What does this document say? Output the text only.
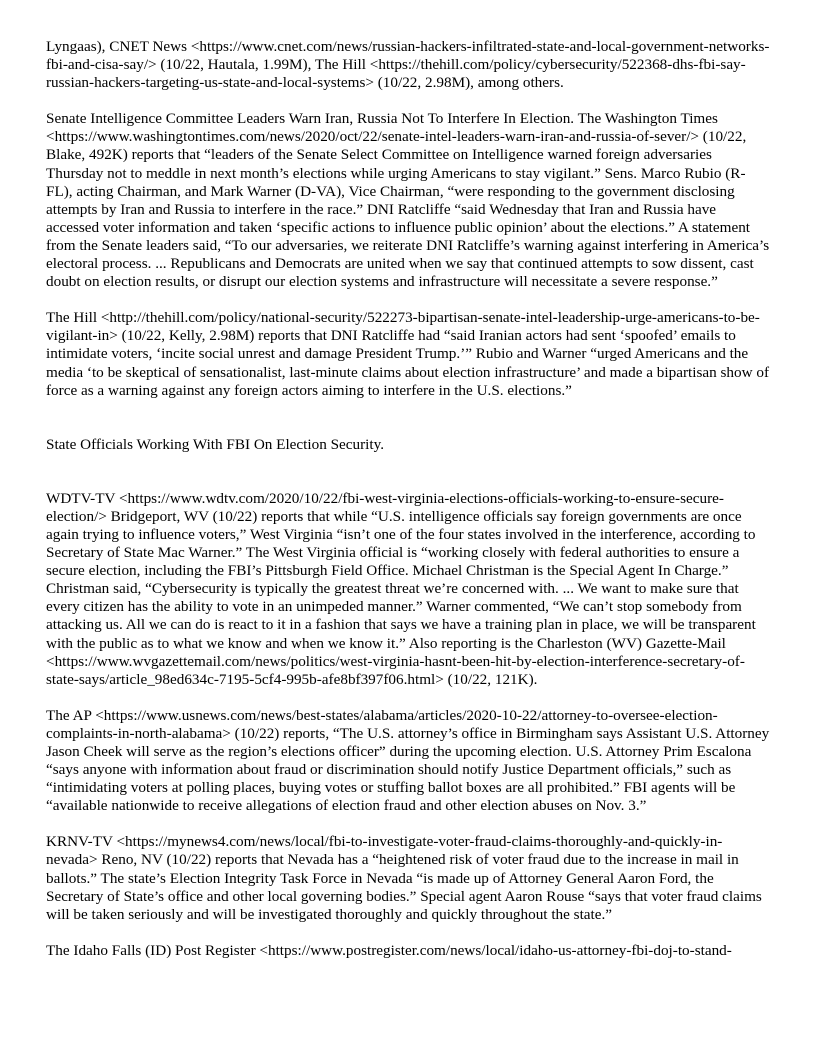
Lyngaas), CNET News <https://www.cnet.com/news/russian-hackers-infiltrated-state-and-local-government-networks-fbi-and-cisa-say/> (10/22, Hautala, 1.99M), The Hill <https://thehill.com/policy/cybersecurity/522368-dhs-fbi-say-russian-hackers-targeting-us-state-and-local-systems> (10/22, 2.98M), among others.

Senate Intelligence Committee Leaders Warn Iran, Russia Not To Interfere In Election. The Washington Times <https://www.washingtontimes.com/news/2020/oct/22/senate-intel-leaders-warn-iran-and-russia-of-sever/> (10/22, Blake, 492K) reports that “leaders of the Senate Select Committee on Intelligence warned foreign adversaries Thursday not to meddle in next month’s elections while urging Americans to stay vigilant.” Sens. Marco Rubio (R-FL), acting Chairman, and Mark Warner (D-VA), Vice Chairman, “were responding to the government disclosing attempts by Iran and Russia to interfere in the race.” DNI Ratcliffe “said Wednesday that Iran and Russia have accessed voter information and taken ‘specific actions to influence public opinion’ about the elections.” A statement from the Senate leaders said, “To our adversaries, we reiterate DNI Ratcliffe’s warning against interfering in America’s electoral process. ... Republicans and Democrats are united when we say that continued attempts to sow dissent, cast doubt on election results, or disrupt our election systems and infrastructure will necessitate a severe response.”

The Hill <http://thehill.com/policy/national-security/522273-bipartisan-senate-intel-leadership-urge-americans-to-be-vigilant-in> (10/22, Kelly, 2.98M) reports that DNI Ratcliffe had “said Iranian actors had sent ‘spoofed’ emails to intimidate voters, ‘incite social unrest and damage President Trump.’” Rubio and Warner “urged Americans and the media ‘to be skeptical of sensationalist, last-minute claims about election infrastructure’ and made a bipartisan show of force as a warning against any foreign actors aiming to interfere in the U.S. elections.”

State Officials Working With FBI On Election Security.

WDTV-TV <https://www.wdtv.com/2020/10/22/fbi-west-virginia-elections-officials-working-to-ensure-secure-election/> Bridgeport, WV (10/22) reports that while “U.S. intelligence officials say foreign governments are once again trying to influence voters,” West Virginia “isn’t one of the four states involved in the interference, according to Secretary of State Mac Warner.” The West Virginia official is “working closely with federal authorities to ensure a secure election, including the FBI’s Pittsburgh Field Office. Michael Christman is the Special Agent In Charge.” Christman said, “Cybersecurity is typically the greatest threat we’re concerned with. ... We want to make sure that every citizen has the ability to vote in an unimpeded manner.” Warner commented, “We can’t stop somebody from attacking us. All we can do is react to it in a fashion that says we have a training plan in place, we will be transparent with the public as to what we know and when we know it.” Also reporting is the Charleston (WV) Gazette-Mail <https://www.wvgazettemail.com/news/politics/west-virginia-hasnt-been-hit-by-election-interference-secretary-of-state-says/article_98ed634c-7195-5cf4-995b-afe8bf397f06.html> (10/22, 121K).

The AP <https://www.usnews.com/news/best-states/alabama/articles/2020-10-22/attorney-to-oversee-election-complaints-in-north-alabama> (10/22) reports, “The U.S. attorney’s office in Birmingham says Assistant U.S. Attorney Jason Cheek will serve as the region’s elections officer” during the upcoming election. U.S. Attorney Prim Escalona “says anyone with information about fraud or discrimination should notify Justice Department officials,” such as “intimidating voters at polling places, buying votes or stuffing ballot boxes are all prohibited.” FBI agents will be “available nationwide to receive allegations of election fraud and other election abuses on Nov. 3.”

KRNV-TV <https://mynews4.com/news/local/fbi-to-investigate-voter-fraud-claims-thoroughly-and-quickly-in-nevada> Reno, NV (10/22) reports that Nevada has a “heightened risk of voter fraud due to the increase in mail in ballots.” The state’s Election Integrity Task Force in Nevada “is made up of Attorney General Aaron Ford, the Secretary of State’s office and other local governing bodies.” Special agent Aaron Rouse “says that voter fraud claims will be taken seriously and will be investigated thoroughly and quickly throughout the state.”

The Idaho Falls (ID) Post Register <https://www.postregister.com/news/local/idaho-us-attorney-fbi-doj-to-stand-
